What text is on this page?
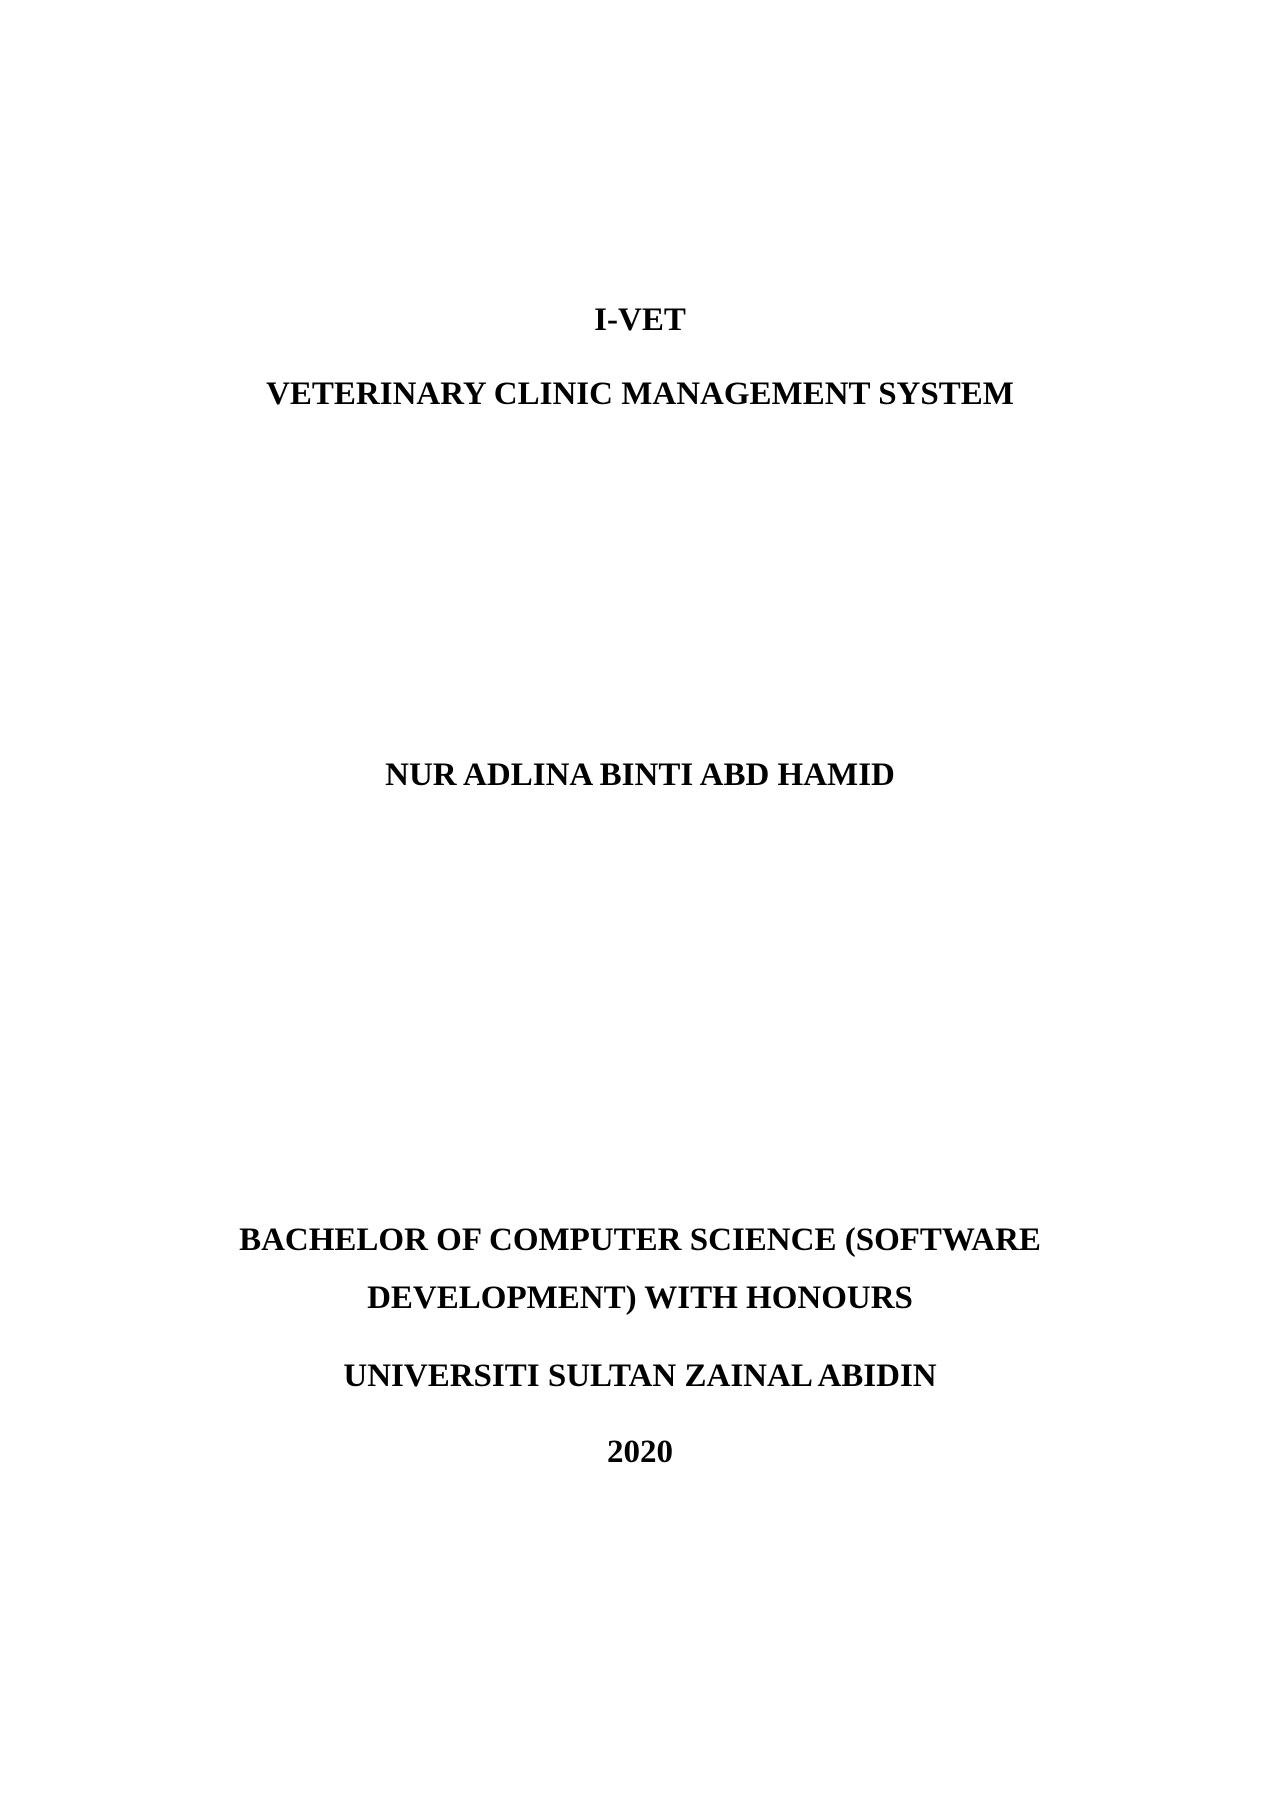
I-VET
VETERINARY CLINIC MANAGEMENT SYSTEM
NUR ADLINA BINTI ABD HAMID
BACHELOR OF COMPUTER SCIENCE (SOFTWARE
DEVELOPMENT) WITH HONOURS
UNIVERSITI SULTAN ZAINAL ABIDIN
2020
